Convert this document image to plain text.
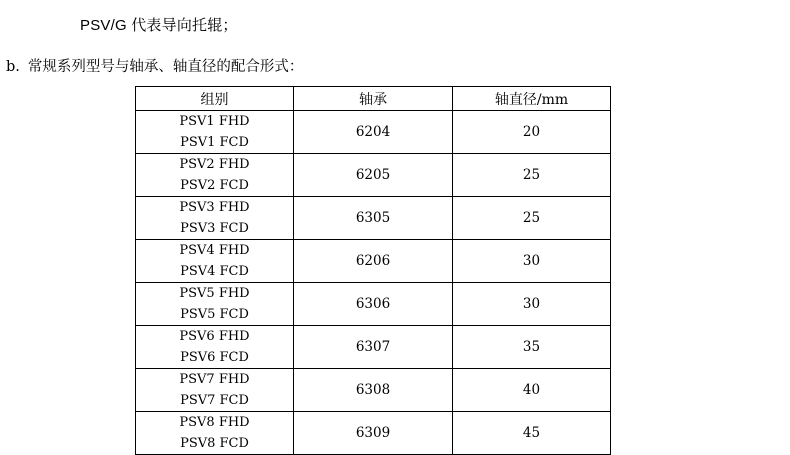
PSV/G 代表导向托辊；
b. 常规系列型号与轴承、轴直径的配合形式：
组别	轴承	轴直径/mm

PSV1 FHD
PSV1 FCD	6204	20

PSV2 FHD
PSV2 FCD	6205	25

PSV3 FHD
PSV3 FCD	6305	25

PSV4 FHD
PSV4 FCD	6206	30

PSV5 FHD
PSV5 FCD	6306	30

PSV6 FHD
PSV6 FCD	6307	35

PSV7 FHD
PSV7 FCD	6308	40

PSV8 FHD
PSV8 FCD	6309	45
